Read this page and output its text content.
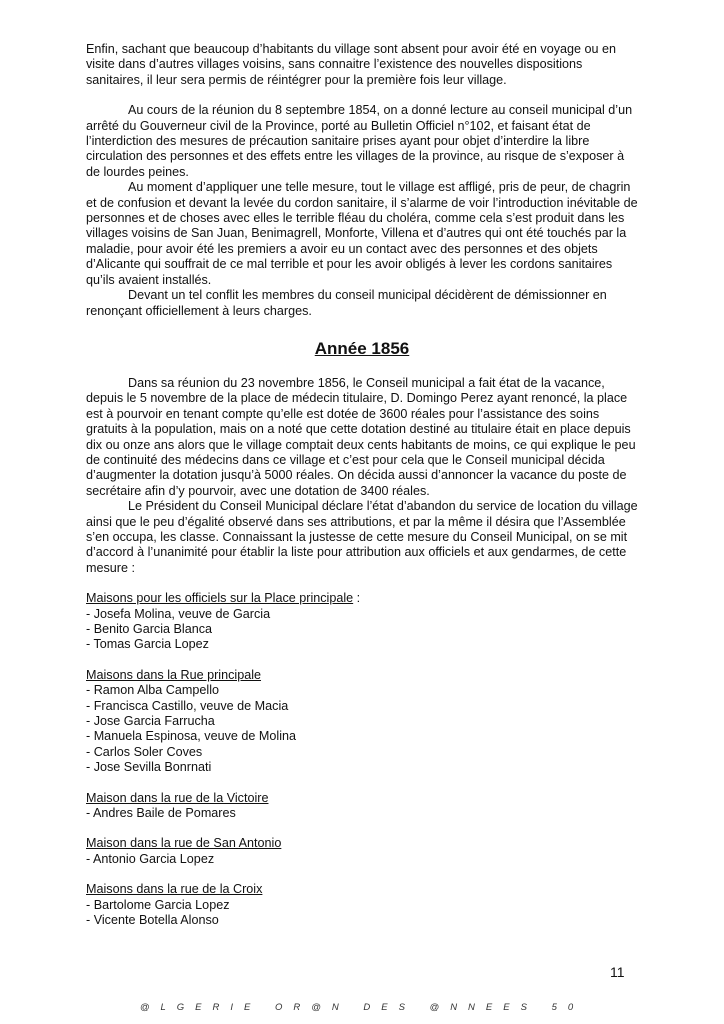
Enfin, sachant que beaucoup d’habitants du village sont absent pour avoir été en voyage ou en visite dans d’autres villages voisins, sans connaitre l’existence des nouvelles dispositions sanitaires, il leur sera permis de réintégrer pour la première fois leur village.

Au cours de la réunion du 8 septembre 1854, on a donné lecture au conseil municipal d’un arrêté du Gouverneur civil de la Province, porté au Bulletin Officiel n°102, et faisant état de l’interdiction des mesures de précaution sanitaire prises ayant pour objet d’interdire la libre circulation des personnes et des effets entre les villages de la province, au risque de s’exposer à de lourdes peines.

Au moment d’appliquer une telle mesure, tout le village est affligé, pris de peur, de chagrin et de confusion et devant la levée du cordon sanitaire, il s’alarme de voir l’introduction inévitable de personnes et de choses avec elles le terrible fléau du choléra, comme cela s’est produit dans les villages voisins de San Juan, Benimagrell, Monforte, Villena et d’autres qui ont été touchés par la maladie, pour avoir été les premiers a avoir eu un contact avec des personnes et des objets d’Alicante qui souffrait de ce mal terrible et pour les avoir obligés à lever les cordons sanitaires qu’ils avaient installés.

Devant un tel conflit les membres du conseil municipal décidèrent de démissionner en renonçant officiellement à leurs charges.

Année 1856

Dans sa réunion du 23 novembre 1856, le Conseil municipal a fait état de la vacance, depuis le 5 novembre de la place de médecin titulaire, D. Domingo Perez ayant renoncé, la place est à pourvoir en tenant compte qu’elle est dotée de 3600 réales pour l’assistance des soins gratuits à la population, mais on a noté que cette dotation destiné au titulaire était en place depuis dix ou onze ans alors que le village comptait deux cents habitants de moins, ce qui explique le peu de continuité des médecins dans ce village et c’est pour cela que le Conseil municipal décida d’augmenter la dotation jusqu’à 5000 réales. On décida aussi d’annoncer la vacance du poste de secrétaire afin d’y pourvoir, avec une dotation de 3400 réales.

Le Président du Conseil Municipal déclare l’état d’abandon du service de location du village ainsi que le peu d’égalité observé dans ses attributions, et par la même il désira que l’Assemblée s’en occupa, les classe. Connaissant la justesse de cette mesure du Conseil Municipal, on se mit d’accord à l’unanimité pour établir la liste pour attribution aux officiels et aux gendarmes, de cette mesure :

Maisons pour les officiels sur la Place principale :
- Josefa Molina, veuve de Garcia
- Benito Garcia Blanca
- Tomas Garcia Lopez
Maisons dans la Rue principale
- Ramon Alba Campello
- Francisca Castillo, veuve de Macia
- Jose Garcia Farrucha
- Manuela Espinosa, veuve de Molina
- Carlos Soler Coves
- Jose Sevilla Bonrnati
Maison dans la rue de la Victoire
- Andres Baile de Pomares
Maison dans la rue de San Antonio
- Antonio Garcia Lopez
Maisons dans la rue de la Croix
- Bartolome Garcia Lopez
- Vicente Botella Alonso
11
@LGERIE OR@N DES @NNEES 50
